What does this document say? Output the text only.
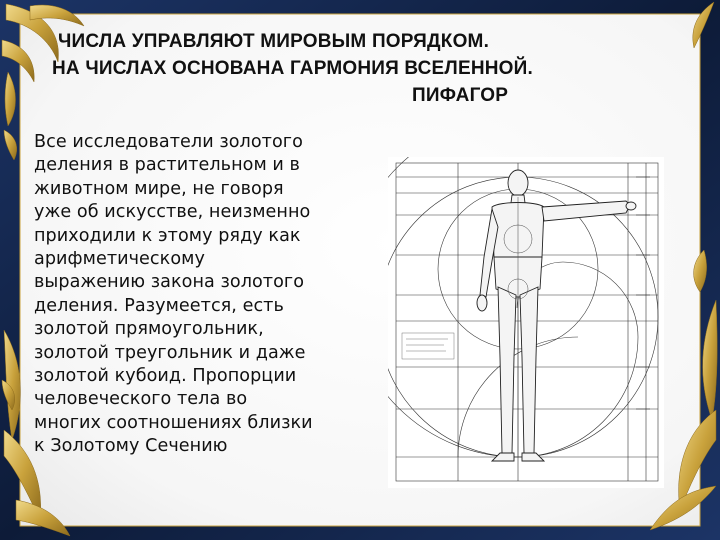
ЧИСЛА УПРАВЛЯЮТ МИРОВЫМ ПОРЯДКОМ.
НА ЧИСЛАХ ОСНОВАНА ГАРМОНИЯ ВСЕЛЕННОЙ.
ПИФАГОР
Все исследователи золотого
деления в растительном и в
животном мире, не говоря
уже об искусстве, неизменно
приходили к этому ряду как
арифметическому
выражению закона золотого
деления. Разумеется, есть
золотой прямоугольник,
золотой треугольник и даже
золотой кубоид. Пропорции
человеческого тела во
многих соотношениях близки
к Золотому Сечению
